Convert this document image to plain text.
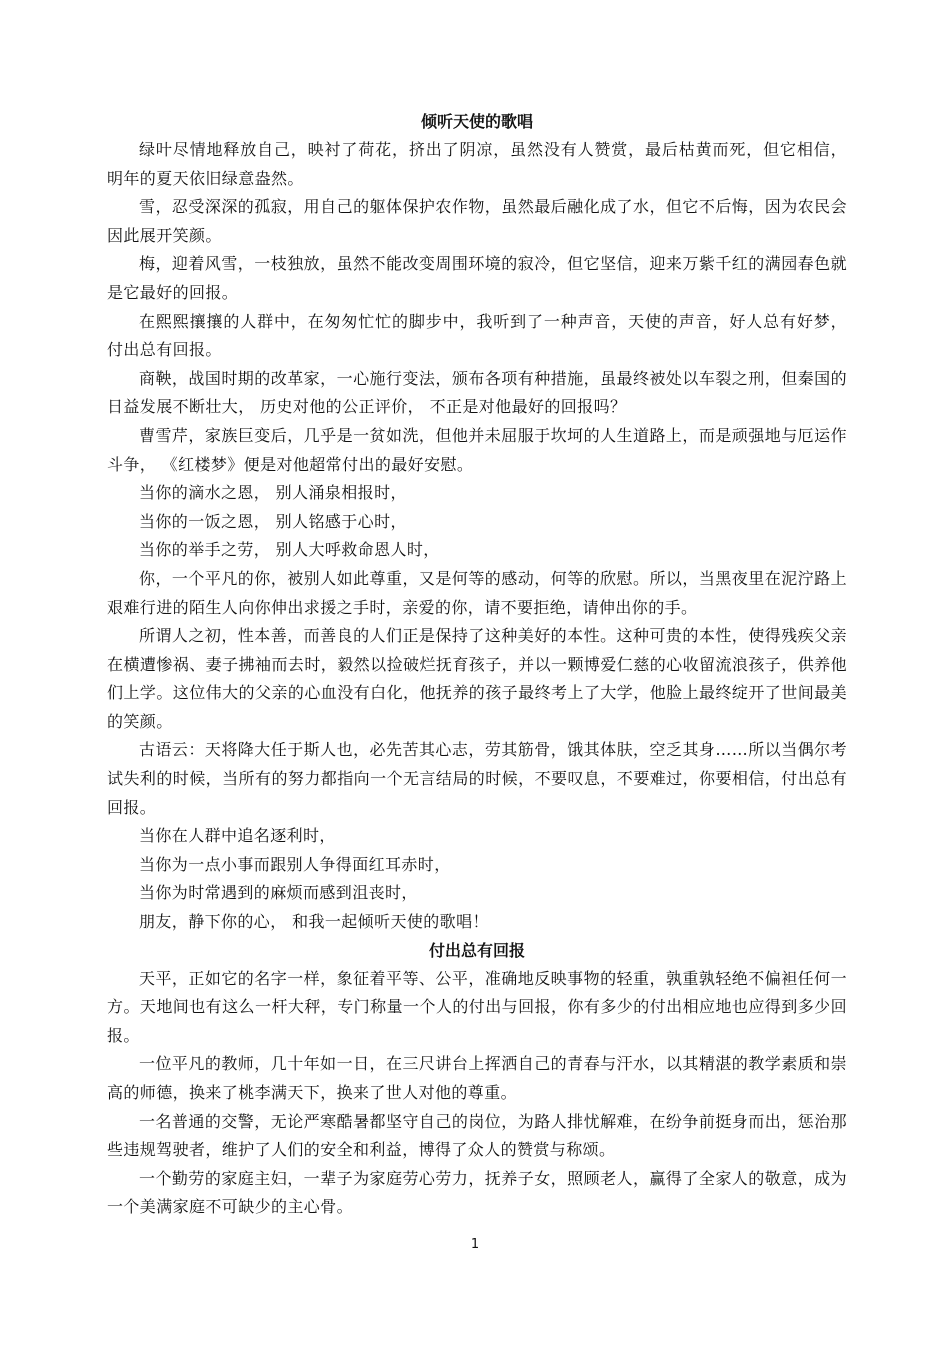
倾听天使的歌唱

绿叶尽情地释放自己，映衬了荷花，挤出了阴凉，虽然没有人赞赏，最后枯黄而死，但它相信， 明年的夏天依旧绿意盎然。

雪，忍受深深的孤寂，用自己的躯体保护农作物，虽然最后融化成了水，但它不后悔，因为农民会因此展开笑颜。

梅，迎着风雪，一枝独放，虽然不能改变周围环境的寂冷，但它坚信，迎来万紫千红的满园春色就是它最好的回报。

在熙熙攘攘的人群中，在匆匆忙忙的脚步中，我听到了一种声音，天使的声音，好人总有好梦， 付出总有回报。

商鞅，战国时期的改革家，一心施行变法，颁布各项有种措施，虽最终被处以车裂之刑，但秦国的日益发展不断壮大， 历史对他的公正评价， 不正是对他最好的回报吗？

曹雪芹，家族巨变后，几乎是一贫如洗，但他并未屈服于坎坷的人生道路上，而是顽强地与厄运作斗争， 《红楼梦》便是对他超常付出的最好安慰。

当你的滴水之恩， 别人涌泉相报时，

当你的一饭之恩， 别人铭感于心时，

当你的举手之劳， 别人大呼救命恩人时，

你，一个平凡的你，被别人如此尊重，又是何等的感动，何等的欣慰。所以，当黑夜里在泥泞路上艰难行进的陌生人向你伸出求援之手时，亲爱的你，请不要拒绝，请伸出你的手。

所谓人之初，性本善，而善良的人们正是保持了这种美好的本性。这种可贵的本性，使得残疾父亲在横遭惨祸、妻子拂袖而去时，毅然以捡破烂抚育孩子，并以一颗博爱仁慈的心收留流浪孩子，供养他们上学。这位伟大的父亲的心血没有白化，他抚养的孩子最终考上了大学，他脸上最终绽开了世间最美的笑颜。

古语云：天将降大任于斯人也，必先苦其心志，劳其筋骨，饿其体肤，空乏其身……所以当偶尔考试失利的时候，当所有的努力都指向一个无言结局的时候，不要叹息，不要难过，你要相信，付出总有回报。

当你在人群中追名逐利时，

当你为一点小事而跟别人争得面红耳赤时，

当你为时常遇到的麻烦而感到沮丧时，

朋友，静下你的心， 和我一起倾听天使的歌唱！

付出总有回报

天平，正如它的名字一样，象征着平等、公平，准确地反映事物的轻重，孰重孰轻绝不偏袒任何一方。天地间也有这么一杆大秤，专门称量一个人的付出与回报，你有多少的付出相应地也应得到多少回报。

一位平凡的教师，几十年如一日，在三尺讲台上挥洒自己的青春与汗水，以其精湛的教学素质和崇高的师德，换来了桃李满天下，换来了世人对他的尊重。

一名普通的交警，无论严寒酷暑都坚守自己的岗位，为路人排忧解难，在纷争前挺身而出，惩治那些违规驾驶者，维护了人们的安全和利益，博得了众人的赞赏与称颂。

一个勤劳的家庭主妇，一辈子为家庭劳心劳力，抚养子女，照顾老人，赢得了全家人的敬意，成为一个美满家庭不可缺少的主心骨。

1
